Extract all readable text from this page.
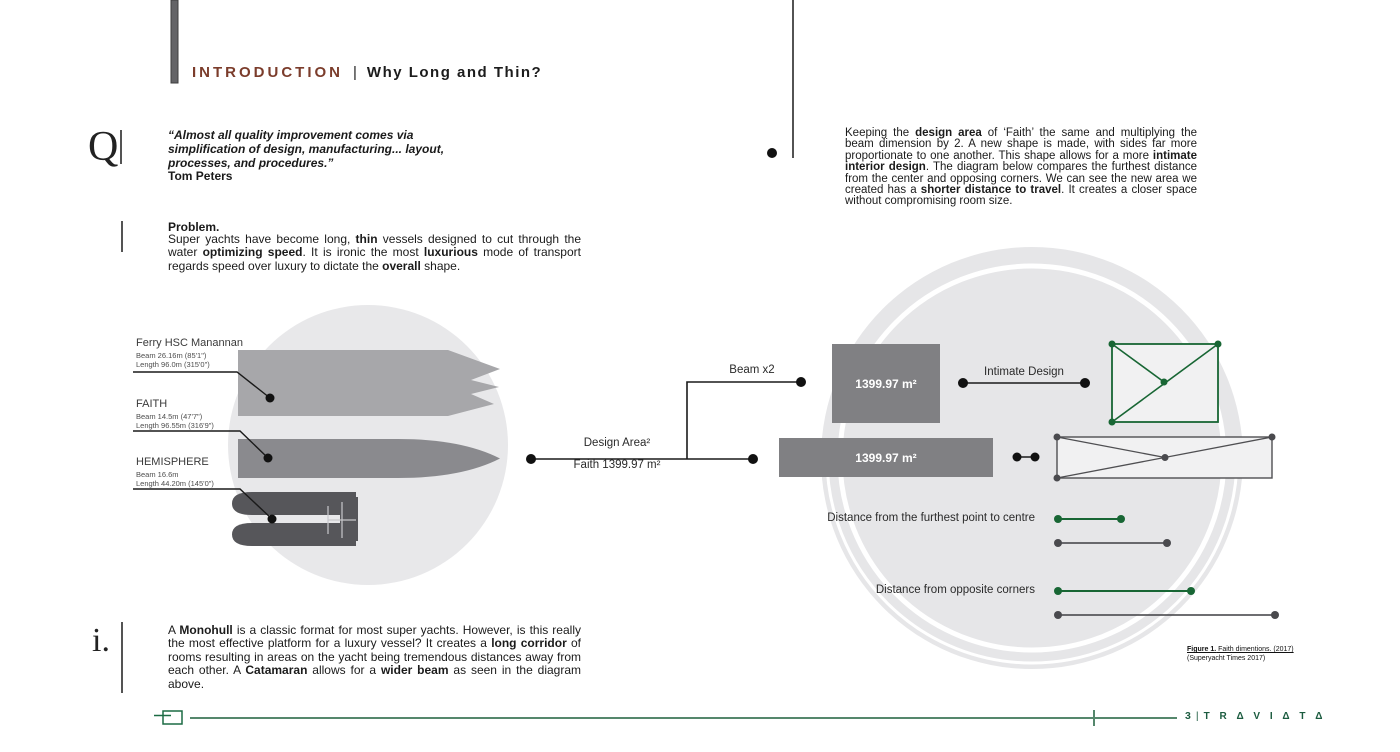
INTRODUCTION | Why Long and Thin?
Q	“Almost all quality improvement comes via simplification of design, manufacturing... layout, processes, and procedures.”
Tom Peters
Keeping the design area of ‘Faith’ the same and multiplying the beam dimension by 2. A new shape is made, with sides far more proportionate to one another. This shape allows for a more intimate interior design. The diagram below compares the furthest distance from the center and opposing corners. We can see the new area we created has a shorter distance to travel. It creates a closer space without compromising room size.
Problem.
Super yachts have become long, thin vessels designed to cut through the water optimizing speed. It is ironic the most luxurious mode of transport regards speed over luxury to dictate the overall shape.
Ferry HSC Manannan
Beam 26.16m (85'1")
Length 96.0m (315'0")
FAITH
Beam 14.5m (47'7")
Length 96.55m (316'9")
HEMISPHERE
Beam 16.6m
Length 44.20m (145'0")
Design Area²
Faith 1399.97 m²
Beam x2
1399.97 m²
1399.97 m²
Intimate Design
Distance from the furthest point to centre
Distance from opposite corners
Figure 1. Faith dimentions. (2017)
(Superyacht Times 2017)
i.	A Monohull is a classic format for most super yachts. However, is this really the most effective platform for a luxury vessel? It creates a long corridor of rooms resulting in areas on the yacht being tremendous distances away from each other. A Catamaran allows for a wider beam as seen in the diagram above.
3 | T R Δ V I Δ T Δ
